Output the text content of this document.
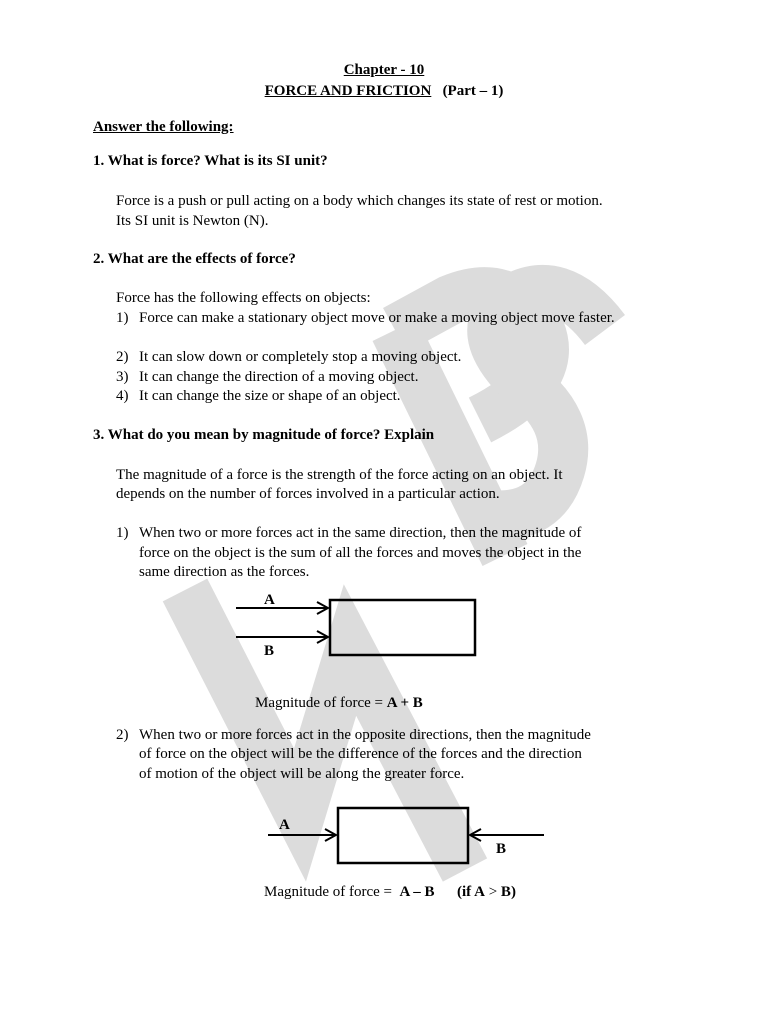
Chapter - 10
FORCE AND FRICTION (Part – 1)
Answer the following:
1. What is force? What is its SI unit?
Force is a push or pull acting on a body which changes its state of rest or motion.
Its SI unit is Newton (N).
2. What are the effects of force?
Force has the following effects on objects:
1) Force can make a stationary object move or make a moving object move faster.
2) It can slow down or completely stop a moving object.
3) It can change the direction of a moving object.
4) It can change the size or shape of an object.
3. What do you mean by magnitude of force? Explain
The magnitude of a force is the strength of the force acting on an object. It
depends on the number of forces involved in a particular action.
1) When two or more forces act in the same direction, then the magnitude of
force on the object is the sum of all the forces and moves the object in the
same direction as the forces.
A
B
Magnitude of force = A + B
2) When two or more forces act in the opposite directions, then the magnitude
of force on the object will be the difference of the forces and the direction
of motion of the object will be along the greater force.
A
B
Magnitude of force =  A – B (if A > B)
